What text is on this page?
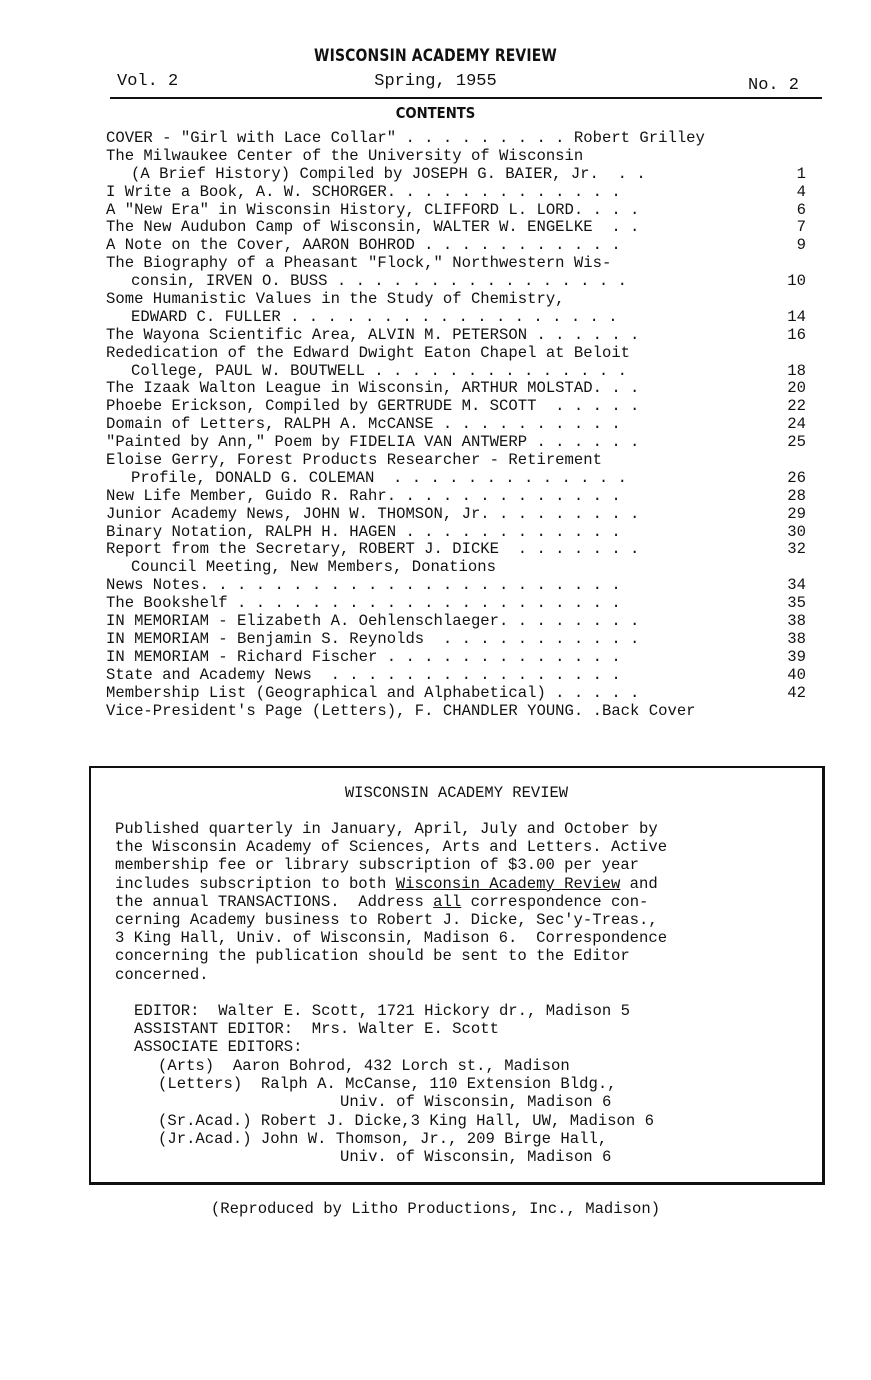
WISCONSIN ACADEMY REVIEW
Vol. 2	Spring, 1955	No. 2
CONTENTS
COVER - "Girl with Lace Collar" . . . . . . . . . Robert Grilley
The Milwaukee Center of the University of Wisconsin
(A Brief History) Compiled by JOSEPH G. BAIER, Jr.  . .	1
I Write a Book, A. W. SCHORGER. . . . . . . . . . . . .	4
A "New Era" in Wisconsin History, CLIFFORD L. LORD. . . .	6
The New Audubon Camp of Wisconsin, WALTER W. ENGELKE  . .	7
A Note on the Cover, AARON BOHROD . . . . . . . . . . .	9
The Biography of a Pheasant "Flock," Northwestern Wis-
consin, IRVEN O. BUSS . . . . . . . . . . . . . . . .	10
Some Humanistic Values in the Study of Chemistry,
EDWARD C. FULLER . . . . . . . . . . . . . . . . . .	14
The Wayona Scientific Area, ALVIN M. PETERSON . . . . . .	16
Rededication of the Edward Dwight Eaton Chapel at Beloit
College, PAUL W. BOUTWELL . . . . . . . . . . . . . .	18
The Izaak Walton League in Wisconsin, ARTHUR MOLSTAD. . .	20
Phoebe Erickson, Compiled by GERTRUDE M. SCOTT  . . . . .	22
Domain of Letters, RALPH A. McCANSE . . . . . . . . . .	24
"Painted by Ann," Poem by FIDELIA VAN ANTWERP . . . . . .	25
Eloise Gerry, Forest Products Researcher - Retirement
Profile, DONALD G. COLEMAN  . . . . . . . . . . . . .	26
New Life Member, Guido R. Rahr. . . . . . . . . . . . .	28
Junior Academy News, JOHN W. THOMSON, Jr. . . . . . . . .	29
Binary Notation, RALPH H. HAGEN . . . . . . . . . . . .	30
Report from the Secretary, ROBERT J. DICKE  . . . . . . .	32
Council Meeting, New Members, Donations
News Notes. . . . . . . . . . . . . . . . . . . . . . .	34
The Bookshelf . . . . . . . . . . . . . . . . . . . . .	35
IN MEMORIAM - Elizabeth A. Oehlenschlaeger. . . . . . . .	38
IN MEMORIAM - Benjamin S. Reynolds  . . . . . . . . . . .	38
IN MEMORIAM - Richard Fischer . . . . . . . . . . . . .	39
State and Academy News  . . . . . . . . . . . . . . . .	40
Membership List (Geographical and Alphabetical) . . . . .	42
Vice-President's Page (Letters), F. CHANDLER YOUNG. .Back Cover
WISCONSIN ACADEMY REVIEW
Published quarterly in January, April, July and October by
the Wisconsin Academy of Sciences, Arts and Letters. Active
membership fee or library subscription of $3.00 per year
includes subscription to both Wisconsin Academy Review and
the annual TRANSACTIONS.  Address all correspondence con-
cerning Academy business to Robert J. Dicke, Sec'y-Treas.,
3 King Hall, Univ. of Wisconsin, Madison 6.  Correspondence
concerning the publication should be sent to the Editor
concerned.
EDITOR:  Walter E. Scott, 1721 Hickory dr., Madison 5
ASSISTANT EDITOR:  Mrs. Walter E. Scott
ASSOCIATE EDITORS:
(Arts)  Aaron Bohrod, 432 Lorch st., Madison
(Letters)  Ralph A. McCanse, 110 Extension Bldg.,
Univ. of Wisconsin, Madison 6
(Sr.Acad.) Robert J. Dicke,3 King Hall, UW, Madison 6
(Jr.Acad.) John W. Thomson, Jr., 209 Birge Hall,
Univ. of Wisconsin, Madison 6
(Reproduced by Litho Productions, Inc., Madison)
